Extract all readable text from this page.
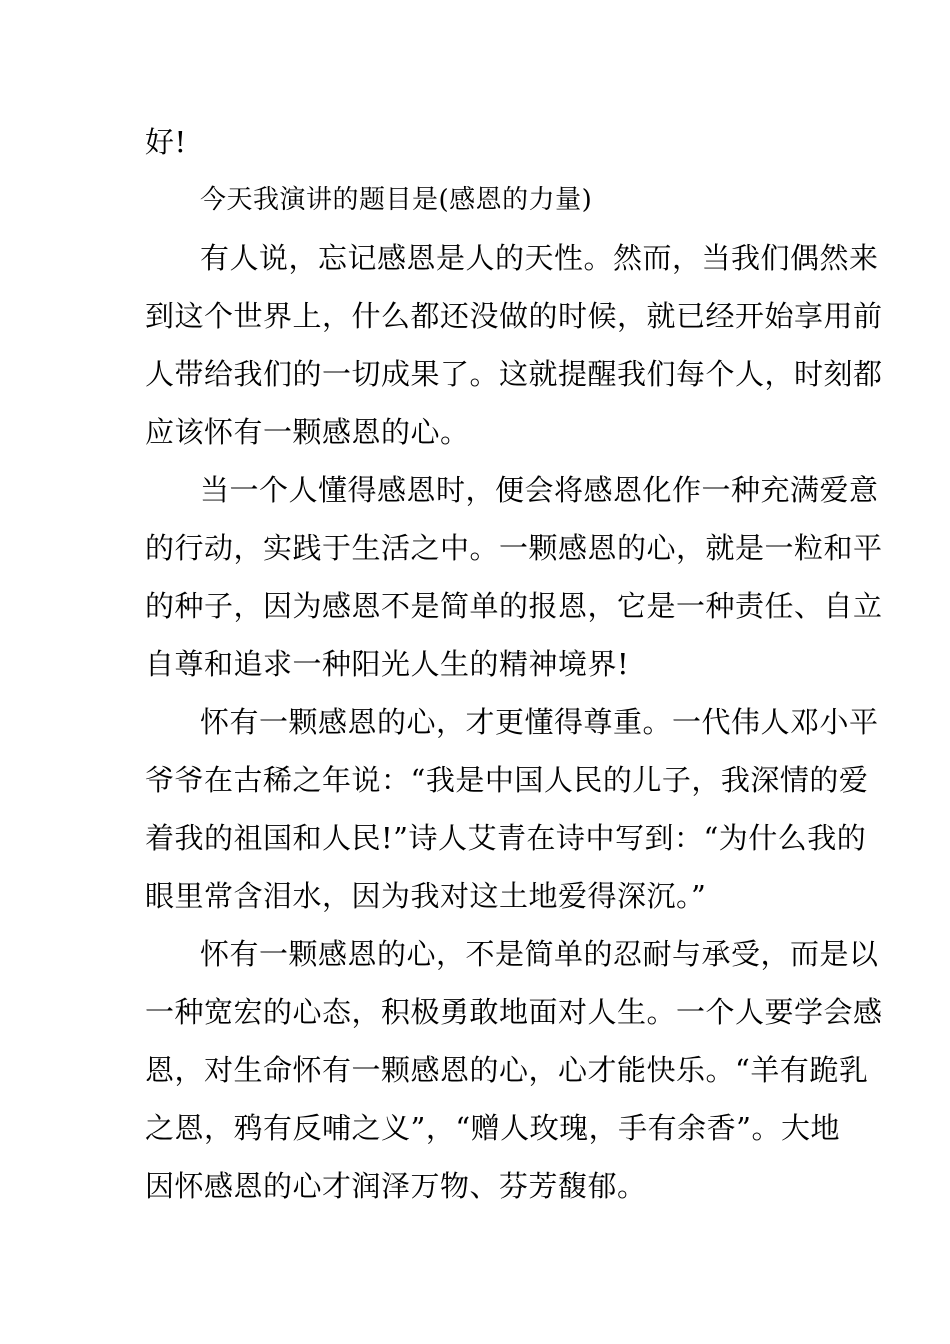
好!
今天我演讲的题目是(感恩的力量)
有人说，忘记感恩是人的天性。然而，当我们偶然来
到这个世界上，什么都还没做的时候，就已经开始享用前
人带给我们的一切成果了。这就提醒我们每个人，时刻都
应该怀有一颗感恩的心。
当一个人懂得感恩时，便会将感恩化作一种充满爱意
的行动，实践于生活之中。一颗感恩的心，就是一粒和平
的种子，因为感恩不是简单的报恩，它是一种责任、自立
自尊和追求一种阳光人生的精神境界!
怀有一颗感恩的心，才更懂得尊重。一代伟人邓小平
爷爷在古稀之年说：“我是中国人民的儿子，我深情的爱
着我的祖国和人民!”诗人艾青在诗中写到：“为什么我的
眼里常含泪水，因为我对这土地爱得深沉。”
怀有一颗感恩的心，不是简单的忍耐与承受，而是以
一种宽宏的心态，积极勇敢地面对人生。一个人要学会感
恩，对生命怀有一颗感恩的心，心才能快乐。“羊有跪乳
之恩，鸦有反哺之义”，“赠人玫瑰，手有余香”。大地
因怀感恩的心才润泽万物、芬芳馥郁。
